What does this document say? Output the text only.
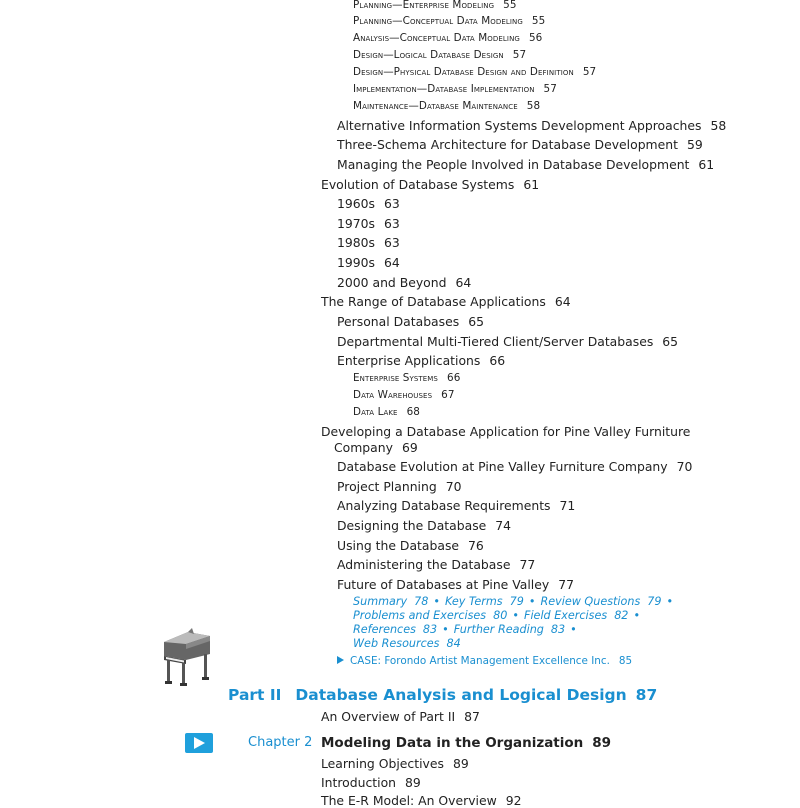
Planning—Enterprise Modeling 55
Planning—Conceptual Data Modeling 55
Analysis—Conceptual Data Modeling 56
Design—Logical Database Design 57
Design—Physical Database Design and Definition 57
Implementation—Database Implementation 57
Maintenance—Database Maintenance 58
Alternative Information Systems Development Approaches 58
Three-Schema Architecture for Database Development 59
Managing the People Involved in Database Development 61
Evolution of Database Systems 61
1960s 63
1970s 63
1980s 63
1990s 64
2000 and Beyond 64
The Range of Database Applications 64
Personal Databases 65
Departmental Multi-Tiered Client/Server Databases 65
Enterprise Applications 66
Enterprise Systems 66
Data Warehouses 67
Data Lake 68
Developing a Database Application for Pine Valley Furniture
Company 69
Database Evolution at Pine Valley Furniture Company 70
Project Planning 70
Analyzing Database Requirements 71
Designing the Database 74
Using the Database 76
Administering the Database 77
Future of Databases at Pine Valley 77
Summary 78 • Key Terms 79 • Review Questions 79 •
Problems and Exercises 80 • Field Exercises 82 •
References 83 • Further Reading 83 •
Web Resources 84
CASE: Forondo Artist Management Excellence Inc. 85
Part II Database Analysis and Logical Design 87
An Overview of Part II 87
Chapter 2 Modeling Data in the Organization 89
Learning Objectives 89
Introduction 89
The E-R Model: An Overview 92
